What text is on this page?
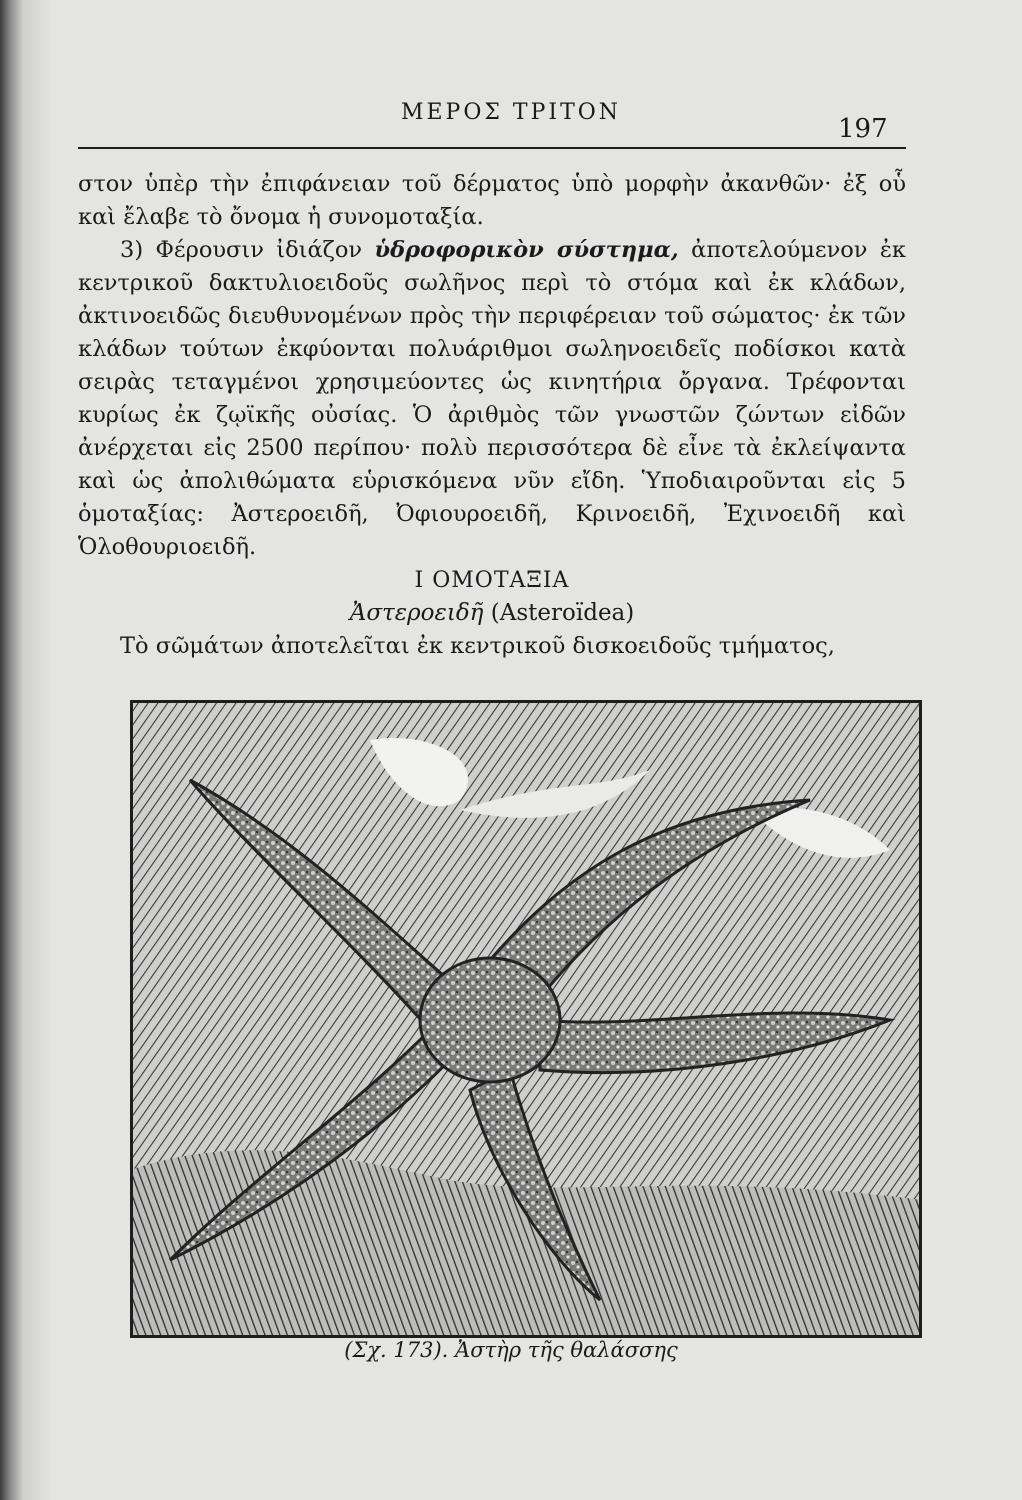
ΜΕΡΟΣ ΤΡΙΤΟΝ
197

στον ὑπὲρ τὴν ἐπιφάνειαν τοῦ δέρματος ὑπὸ μορφὴν ἀκανθῶν· ἐξ οὗ καὶ ἔλαβε τὸ ὄνομα ἡ συνομοταξία.

3) Φέρουσιν ἰδιάζον ὑδροφορικὸν σύστημα, ἀποτελούμενον ἐκ κεντρικοῦ δακτυλιοειδοῦς σωλῆνος περὶ τὸ στόμα καὶ ἐκ κλάδων, ἀκτινοειδῶς διευθυνομένων πρὸς τὴν περιφέρειαν τοῦ σώματος· ἐκ τῶν κλάδων τούτων ἐκφύονται πολυάριθμοι σωληνοειδεῖς ποδίσκοι κατὰ σειρὰς τεταγμένοι χρησιμεύοντες ὡς κινητήρια ὄργανα. Τρέφονται κυρίως ἐκ ζῳϊκῆς οὐσίας. Ὁ ἀριθμὸς τῶν γνωστῶν ζώντων εἰδῶν ἀνέρχεται εἰς 2500 περίπου· πολὺ περισσότερα δὲ εἶνε τὰ ἐκλείψαντα καὶ ὡς ἀπολιθώματα εὑρισκόμενα νῦν εἴδη. Ὑποδιαιροῦνται εἰς 5 ὁμοταξίας: Ἀστεροειδῆ, Ὀφιουροειδῆ, Κρινοειδῆ, Ἐχινοειδῆ καὶ Ὁλοθουριοειδῆ.

Ι ΟΜΟΤΑΞΙΑ

Ἀστεροειδῆ (Asteroïdea)

Τὸ σῶμάτων ἀποτελεῖται ἐκ κεντρικοῦ δισκοειδοῦς τμήματος,

(Σχ. 173). Ἀστὴρ τῆς θαλάσσης
